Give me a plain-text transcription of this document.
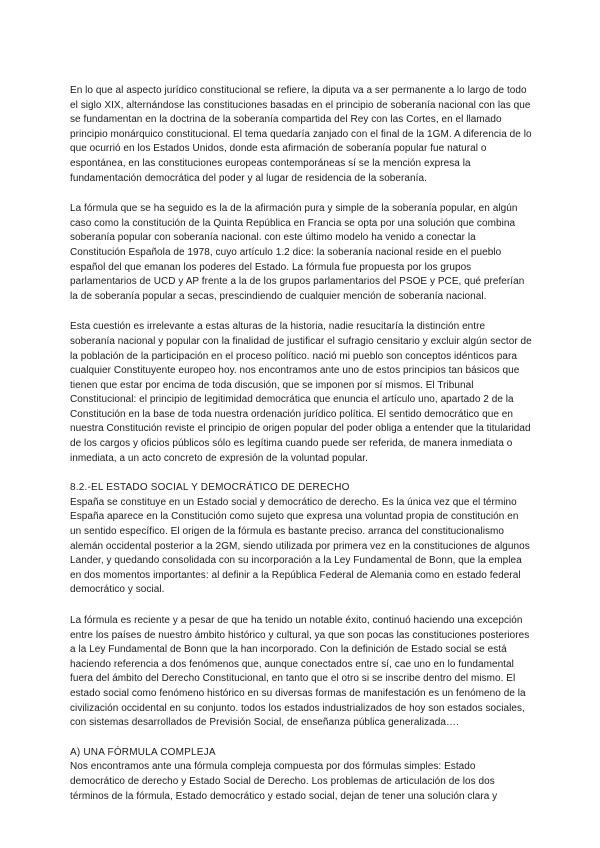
En lo que al aspecto jurídico constitucional se refiere, la diputa va a ser permanente a lo largo de todo el siglo XIX, alternándose las constituciones basadas en el principio de soberanía nacional con las que se fundamentan en la doctrina de la soberanía compartida del Rey con las Cortes, en el llamado principio monárquico constitucional. El tema quedaría zanjado con el final de la 1GM. A diferencia de lo que ocurrió en los Estados Unidos, donde esta afirmación de soberanía popular fue natural o espontánea, en las constituciones europeas contemporáneas sí se la mención expresa la fundamentación democrática del poder y al lugar de residencia de la soberanía.

La fórmula que se ha seguido es la de la afirmación pura y simple de la soberanía popular, en algún caso como la constitución de la Quinta República en Francia se opta por una solución que combina soberanía popular con soberanía nacional. con este último modelo ha venido a conectar la Constitución Española de 1978, cuyo artículo 1.2 dice: la soberanía nacional reside en el pueblo español del que emanan los poderes del Estado. La fórmula fue propuesta por los grupos parlamentarios de UCD y AP frente a la de los grupos parlamentarios del PSOE y PCE, qué preferían la de soberanía popular a secas, prescindiendo de cualquier mención de soberanía nacional.

Esta cuestión es irrelevante a estas alturas de la historia, nadie resucitaría la distinción entre soberanía nacional y popular con la finalidad de justificar el sufragio censitario y excluir algún sector de la población de la participación en el proceso político. nació mi pueblo son conceptos idénticos para cualquier Constituyente europeo hoy. nos encontramos ante uno de estos principios tan básicos que tienen que estar por encima de toda discusión, que se imponen por sí mismos. El Tribunal Constitucional: el principio de legitimidad democrática que enuncia el artículo uno, apartado 2 de la Constitución en la base de toda nuestra ordenación jurídico política. El sentido democrático que en nuestra Constitución reviste el principio de origen popular del poder obliga a entender que la titularidad de los cargos y oficios públicos sólo es legítima cuando puede ser referida, de manera inmediata o inmediata, a un acto concreto de expresión de la voluntad popular.

8.2.-EL ESTADO SOCIAL Y DEMOCRÁTICO DE DERECHO

España se constituye en un Estado social y democrático de derecho. Es la única vez que el término España aparece en la Constitución como sujeto que expresa una voluntad propia de constitución en un sentido específico. El origen de la fórmula es bastante preciso. arranca del constitucionalismo alemán occidental posterior a la 2GM, siendo utilizada por primera vez en la constituciones de algunos Lander, y quedando consolidada con su incorporación a la Ley Fundamental de Bonn, que la emplea en dos momentos importantes: al definir a la República Federal de Alemania como en estado federal democrático y social.

La fórmula es reciente y a pesar de que ha tenido un notable éxito, continuó haciendo una excepción entre los países de nuestro ámbito histórico y cultural, ya que son pocas las constituciones posteriores a la Ley Fundamental de Bonn que la han incorporado. Con la definición de Estado social se está haciendo referencia a dos fenómenos que, aunque conectados entre sí, cae uno en lo fundamental fuera del ámbito del Derecho Constitucional, en tanto que el otro si se inscribe dentro del mismo. El estado social como fenómeno histórico en su diversas formas de manifestación es un fenómeno de la civilización occidental en su conjunto. todos los estados industrializados de hoy son estados sociales, con sistemas desarrollados de Previsión Social, de enseñanza pública generalizada….

A) UNA FÓRMULA COMPLEJA

Nos encontramos ante una fórmula compleja compuesta por dos fórmulas simples: Estado democrático de derecho y Estado Social de Derecho. Los problemas de articulación de los dos términos de la fórmula, Estado democrático y estado social, dejan de tener una solución clara y
